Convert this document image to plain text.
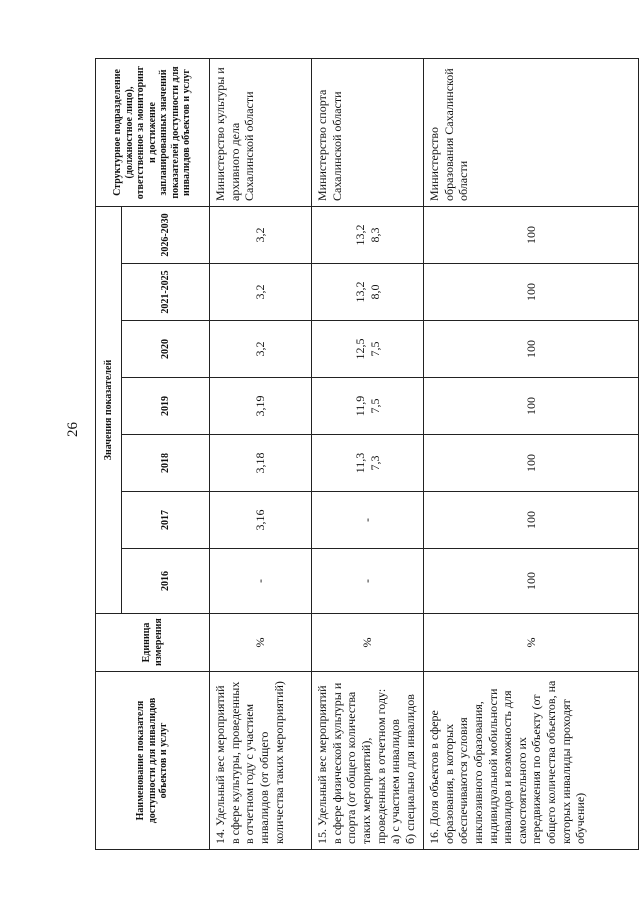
26
Наименование показателя доступности для инвалидов объектов и услуг	Единица измерения	Значения показателей							Структурное подразделение (должностное лицо), ответственное за мониторинг и достижение запланированных значений показателей доступности для инвалидов объектов и услуг
		2016	2017	2018	2019	2020	2021-2025	2026-2030	
14. Удельный вес мероприятий в сфере культуры, проведенных в отчетном году с участием инвалидов (от общего количества таких мероприятий)	%	-	3,16	3,18	3,19	3,2	3,2	3,2	Министерство культуры и архивного дела Сахалинской области

15. Удельный вес мероприятий в сфере физической культуры и спорта (от общего количества таких мероприятий), проведенных в отчетном году: а) с участием инвалидов б) специально для инвалидов	%	-	-	11,3 7,3	11,9 7,5	12,5 7,5	13,2 8,0	13,2 8,3	Министерство спорта Сахалинской области
16. Доля объектов в сфере образования, в которых обеспечиваются условия инклюзивного образования, индивидуальной мобильности инвалидов и возможность для самостоятельного их передвижения по объекту (от общего количества объектов, на которых инвалиды проходят обучение)	%	100	100	100	100	100	100	100	Министерство образования Сахалинской области
